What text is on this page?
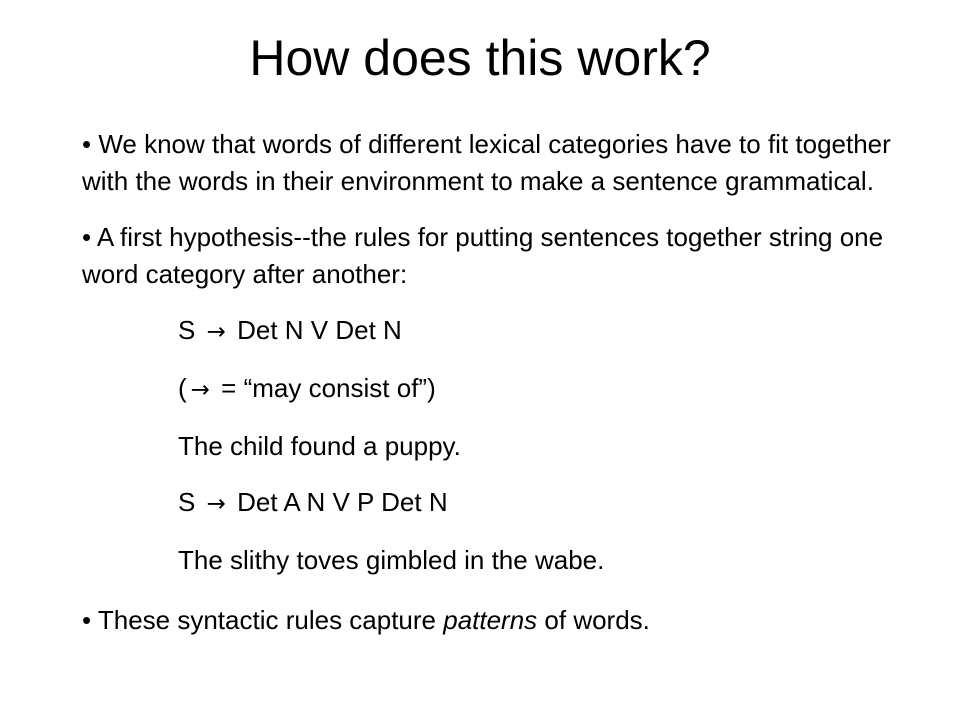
How does this work?

• We know that words of different lexical categories have to fit together with the words in their environment to make a sentence grammatical.

• A first hypothesis--the rules for putting sentences together string one word category after another:

S → Det N V Det N

( → = “may consist of”)

The child found a puppy.

S → Det A N V P Det N

The slithy toves gimbled in the wabe.

• These syntactic rules capture patterns of words.
